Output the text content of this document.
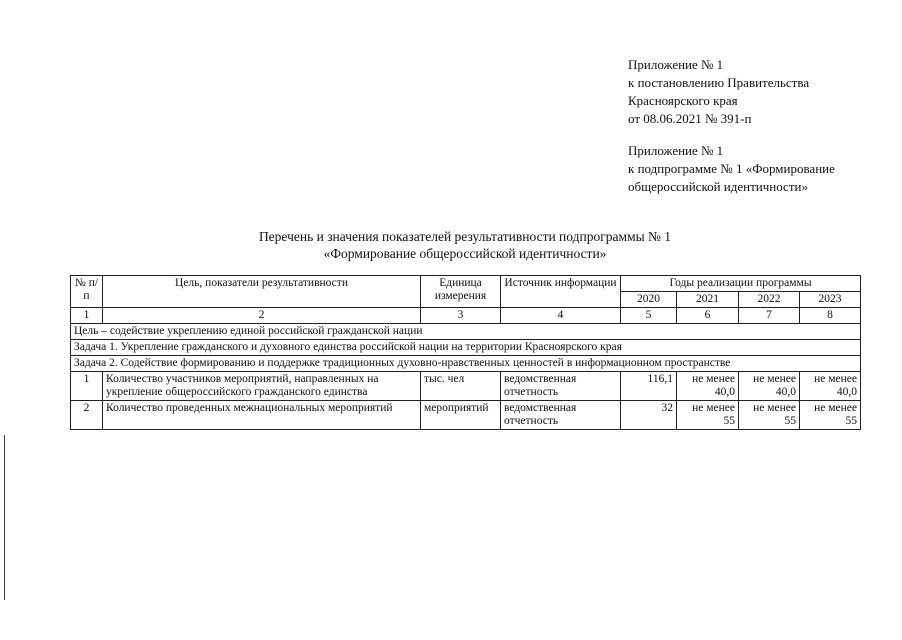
Приложение № 1
к постановлению Правительства
Красноярского края
от 08.06.2021 № 391-п
Приложение № 1
к подпрограмме № 1 «Формирование
общероссийской идентичности»
Перечень и значения показателей результативности подпрограммы № 1
«Формирование общероссийской идентичности»
№ п/п	Цель, показатели результативности	Единица измерения	Источник информации	Годы реализации программы			
				2020	2021	2022	2023
1	2	3	4	5	6	7	8
Цель – содействие укреплению единой российской гражданской нации							
Задача 1. Укрепление гражданского и духовного единства российской нации на территории Красноярского края							
Задача 2. Содействие формированию и поддержке традиционных духовно-нравственных ценностей в информационном пространстве							
1	Количество участников мероприятий, направленных на укрепление общероссийского гражданского единства	тыс. чел	ведомственная отчетность	116,1	не менее 40,0	не менее 40,0	не менее 40,0
2	Количество проведенных межнациональных мероприятий	мероприятий	ведомственная отчетность	32	не менее 55	не менее 55	не менее 55
